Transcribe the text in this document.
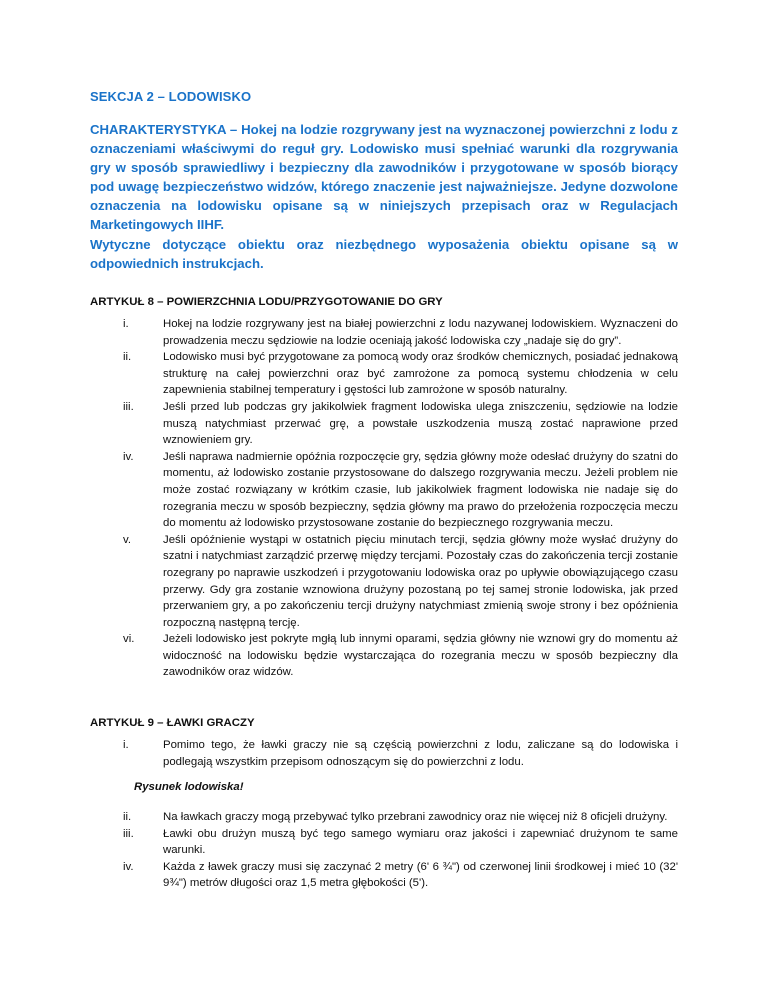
SEKCJA 2 – LODOWISKO

CHARAKTERYSTYKA – Hokej na lodzie rozgrywany jest na wyznaczonej powierzchni z lodu z oznaczeniami właściwymi do reguł gry. Lodowisko musi spełniać warunki dla rozgrywania gry w sposób sprawiedliwy i bezpieczny dla zawodników i przygotowane w sposób biorący pod uwagę bezpieczeństwo widzów, którego znaczenie jest najważniejsze. Jedyne dozwolone oznaczenia na lodowisku opisane są w niniejszych przepisach oraz w Regulacjach Marketingowych IIHF.

Wytyczne dotyczące obiektu oraz niezbędnego wyposażenia obiektu opisane są w odpowiednich instrukcjach.

ARTYKUŁ 8 – POWIERZCHNIA LODU/PRZYGOTOWANIE DO GRY
i.	Hokej na lodzie rozgrywany jest na białej powierzchni z lodu nazywanej lodowiskiem. Wyznaczeni do prowadzenia meczu sędziowie na lodzie oceniają jakość lodowiska czy „nadaje się do gry”.
ii.	Lodowisko musi być przygotowane za pomocą wody oraz środków chemicznych, posiadać jednakową strukturę na całej powierzchni oraz być zamrożone za pomocą systemu chłodzenia w celu zapewnienia stabilnej temperatury i gęstości lub zamrożone w sposób naturalny.
iii.	Jeśli przed lub podczas gry jakikolwiek fragment lodowiska ulega zniszczeniu, sędziowie na lodzie muszą natychmiast przerwać grę, a powstałe uszkodzenia muszą zostać naprawione przed wznowieniem gry.
iv.	Jeśli naprawa nadmiernie opóźnia rozpoczęcie gry, sędzia główny może odesłać drużyny do szatni do momentu, aż lodowisko zostanie przystosowane do dalszego rozgrywania meczu. Jeżeli problem nie może zostać rozwiązany w krótkim czasie, lub jakikolwiek fragment lodowiska nie nadaje się do rozegrania meczu w sposób bezpieczny, sędzia główny ma prawo do przełożenia rozpoczęcia meczu do momentu aż lodowisko przystosowane zostanie do bezpiecznego rozgrywania meczu.
v.	Jeśli opóźnienie wystąpi w ostatnich pięciu minutach tercji, sędzia główny może wysłać drużyny do szatni i natychmiast zarządzić przerwę między tercjami. Pozostały czas do zakończenia tercji zostanie rozegrany po naprawie uszkodzeń i przygotowaniu lodowiska oraz po upływie obowiązującego czasu przerwy. Gdy gra zostanie wznowiona drużyny pozostaną po tej samej stronie lodowiska, jak przed przerwaniem gry, a po zakończeniu tercji drużyny natychmiast zmienią swoje strony i bez opóźnienia rozpoczną następną tercję.
vi.	Jeżeli lodowisko jest pokryte mgłą lub innymi oparami, sędzia główny nie wznowi gry do momentu aż widoczność na lodowisku będzie wystarczająca do rozegrania meczu w sposób bezpieczny dla zawodników oraz widzów.
ARTYKUŁ 9 – ŁAWKI GRACZY
i.	Pomimo tego, że ławki graczy nie są częścią powierzchni z lodu, zaliczane są do lodowiska i podlegają wszystkim przepisom odnoszącym się do powierzchni z lodu.
Rysunek lodowiska!
ii.	Na ławkach graczy mogą przebywać tylko przebrani zawodnicy oraz nie więcej niż 8 oficjeli drużyny.
iii.	Ławki obu drużyn muszą być tego samego wymiaru oraz jakości i zapewniać drużynom te same warunki.
iv.	Każda z ławek graczy musi się zaczynać 2 metry (6' 6 ¾") od czerwonej linii środkowej i mieć 10 (32' 9¾") metrów długości oraz 1,5 metra głębokości (5').
